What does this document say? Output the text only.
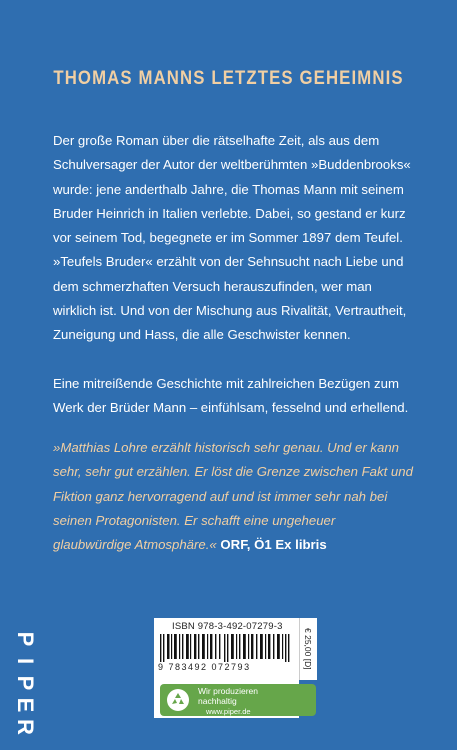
THOMAS MANNS LETZTES GEHEIMNIS

Der große Roman über die rätselhafte Zeit, als aus dem Schulversager der Autor der weltberühmten »Buddenbrooks« wurde: jene anderthalb Jahre, die Thomas Mann mit seinem Bruder Heinrich in Italien verlebte. Dabei, so gestand er kurz vor seinem Tod, begegnete er im Sommer 1897 dem Teufel. »Teufels Bruder« erzählt von der Sehnsucht nach Liebe und dem schmerzhaften Versuch herauszufinden, wer man wirklich ist. Und von der Mischung aus Rivalität, Vertrautheit, Zuneigung und Hass, die alle Geschwister kennen.

Eine mitreißende Geschichte mit zahlreichen Bezügen zum Werk der Brüder Mann – einfühlsam, fesselnd und erhellend.

»Matthias Lohre erzählt historisch sehr genau. Und er kann sehr, sehr gut erzählen. Er löst die Grenze zwischen Fakt und Fiktion ganz hervorragend auf und ist immer sehr nah bei seinen Protagonisten. Er schafft eine ungeheuer glaubwürdige Atmosphäre.« ORF, Ö1 Ex libris
P
I
P
E
R
ISBN 978-3-492-07279-3
9 783492 072793	€ 25,00 [D]
Wir produzieren
nachhaltig
www.piper.de
